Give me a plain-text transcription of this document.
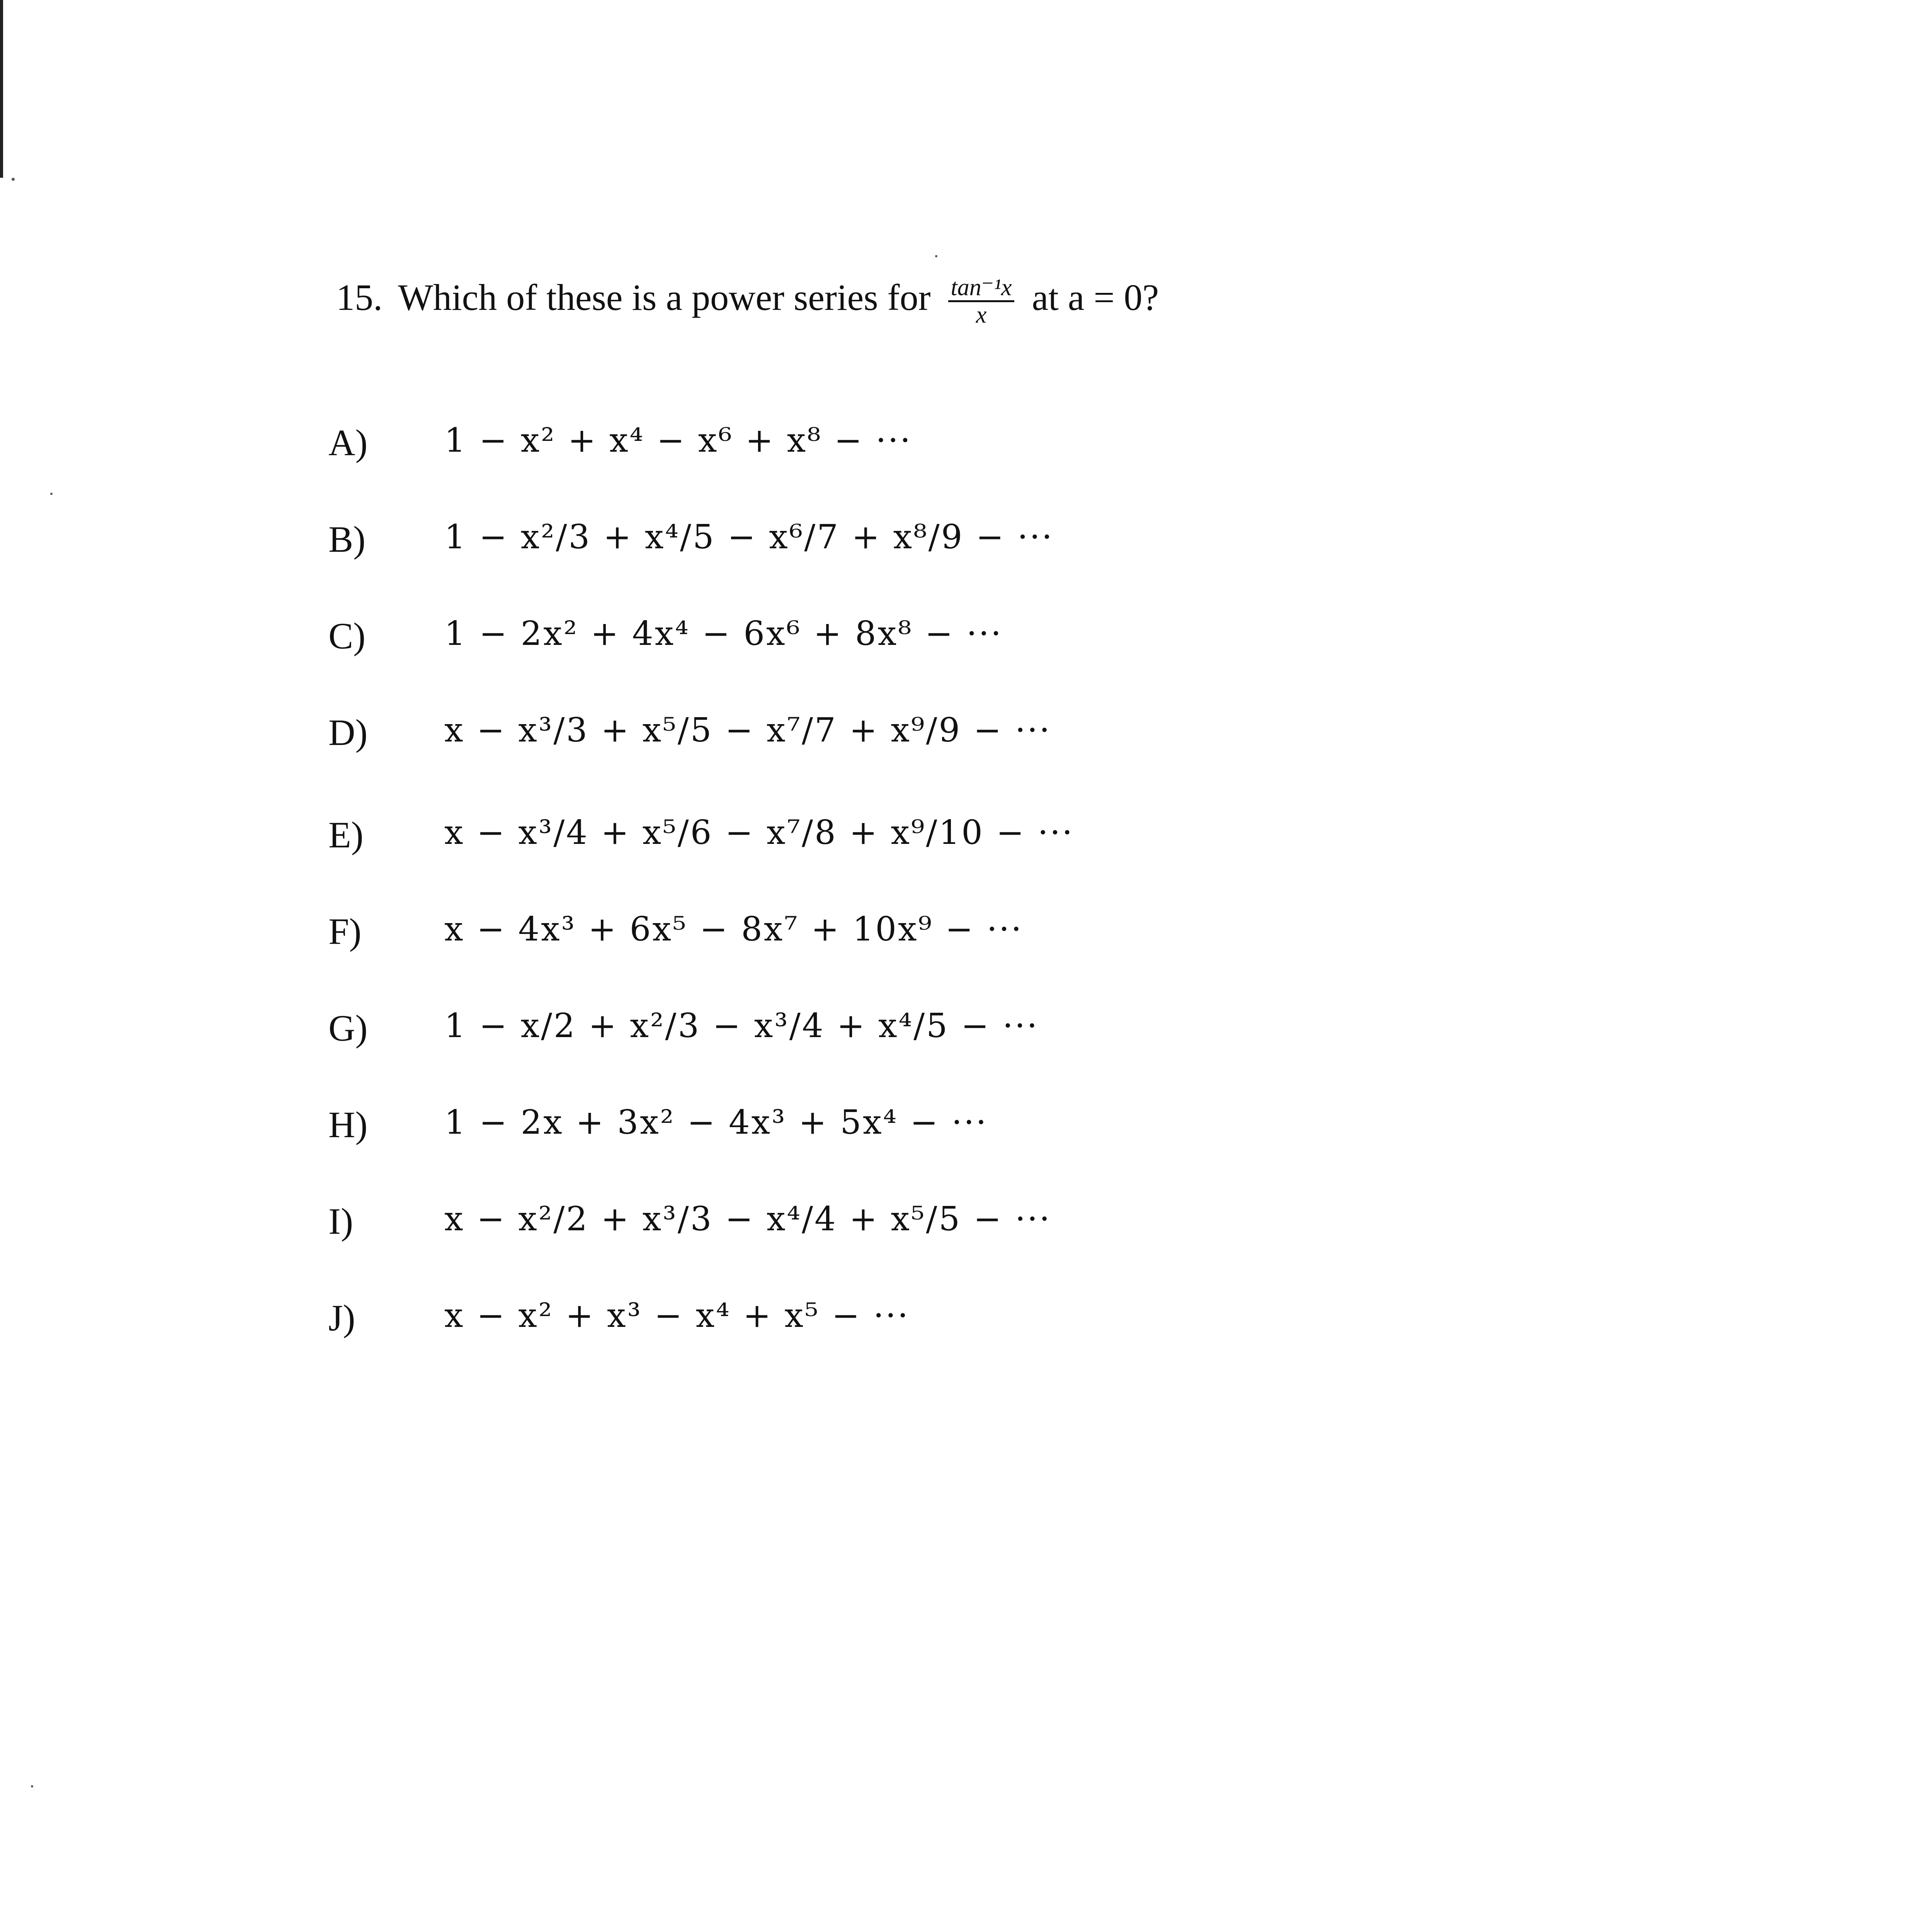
15. Which of these is a power series for $\frac{\text{tan⁻¹x}}{x}$ at a = 0?
A)	1 − x² + x⁴ − x⁶ + x⁸ − ···
B)	1 − x²/3 + x⁴/5 − x⁶/7 + x⁸/9 − ···
C)	1 − 2x² + 4x⁴ − 6x⁶ + 8x⁸ − ···
D)	x − x³/3 + x⁵/5 − x⁷/7 + x⁹/9 − ···
E)	x − x³/4 + x⁵/6 − x⁷/8 + x⁹/10 − ···
F)	x − 4x³ + 6x⁵ − 8x⁷ + 10x⁹ − ···
G)	1 − x/2 + x²/3 − x³/4 + x⁴/5 − ···
H)	1 − 2x + 3x² − 4x³ + 5x⁴ − ···
I)	x − x²/2 + x³/3 − x⁴/4 + x⁵/5 − ···
J)	x − x² + x³ − x⁴ + x⁵ − ···
